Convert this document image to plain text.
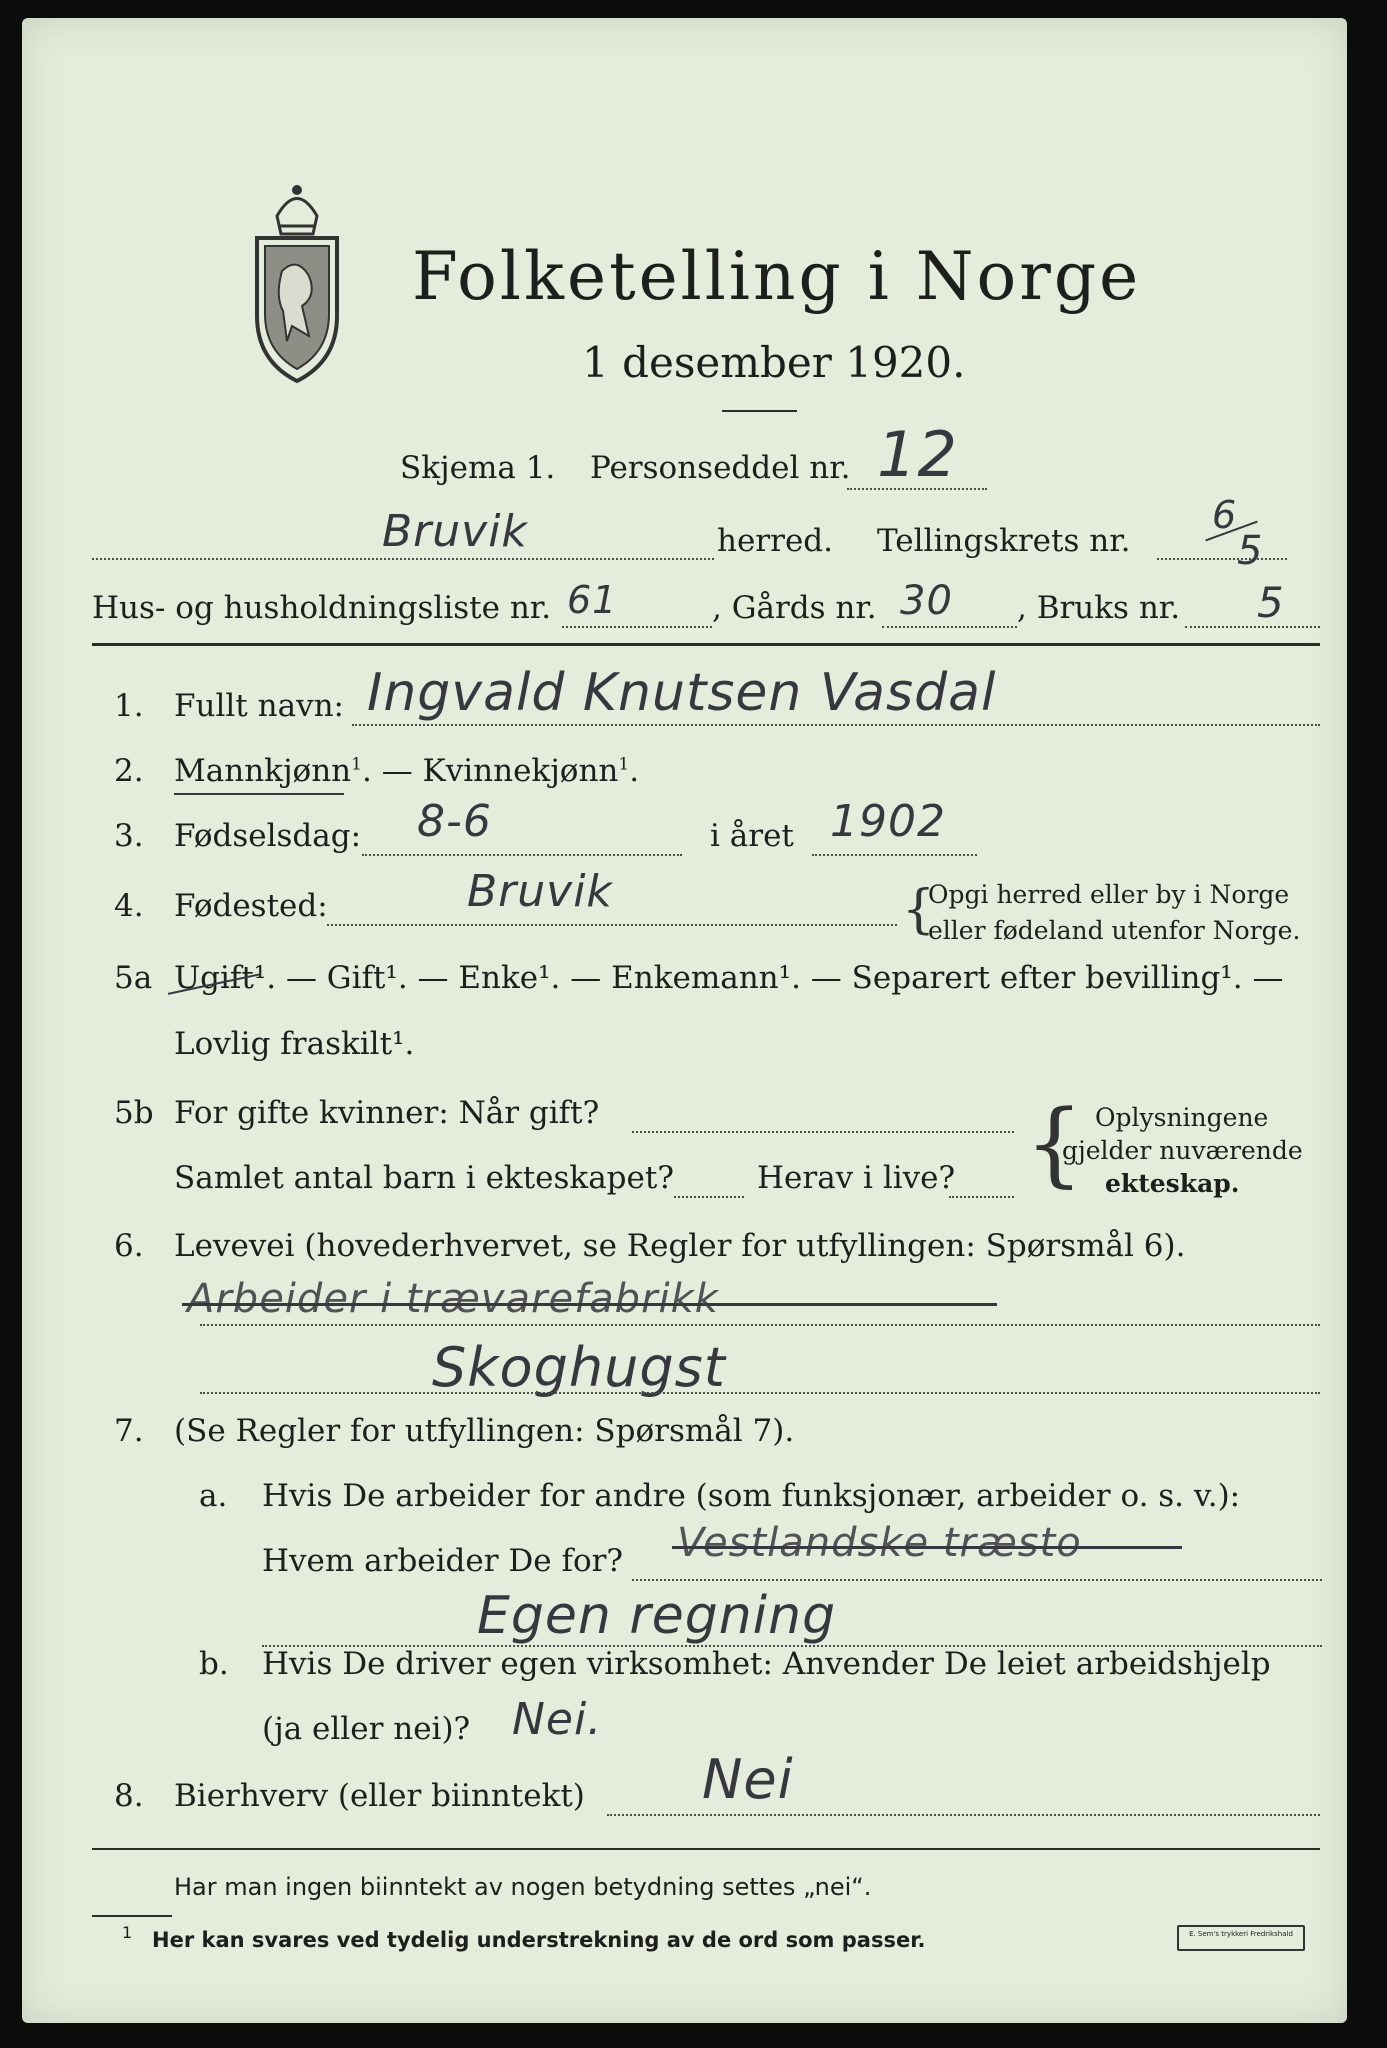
Folketelling i Norge
1 desember 1920.
Skjema 1. Personseddel nr. 12
Bruvik	herred. Tellingskrets nr.
6
5
Hus- og husholdningsliste nr. 61	, Gårds nr. 30 , Bruks nr. 5
1. Fullt navn: Ingvald Knutsen Vasdal
2. Mannkjønn$^1$. — Kvinnekjønn$^1$.
3. Fødselsdag: 8-6	i året 1902
4. Fødested:	Bruvik	{
Opgi herred eller by i Norge
eller fødeland utenfor Norge.
5a Ugift¹. — Gift¹. — Enke¹. — Enkemann¹. — Separert efter bevilling¹. —
Lovlig fraskilt¹.
5b For gifte kvinner: Når gift?
Samlet antal barn i ekteskapet?	Herav i live? { Oplysningene
gjelder nuværende
ekteskap.
6. Levevei (hovederhvervet, se Regler for utfyllingen: Spørsmål 6).
Arbeider i trævarefabrikk
Skoghugst
7. (Se Regler for utfyllingen: Spørsmål 7).
a. Hvis De arbeider for andre (som funksjonær, arbeider o. s. v.):
Hvem arbeider De for? Vestlandske træsto
Egen regning
b. Hvis De driver egen virksomhet: Anvender De leiet arbeidshjelp
(ja eller nei)? Nei.
8. Bierhverv (eller biinntekt) Nei
Har man ingen biinntekt av nogen betydning settes „nei“.
1 Her kan svares ved tydelig understrekning av de ord som passer.	E. Sem's trykkeri Fredrikshald
